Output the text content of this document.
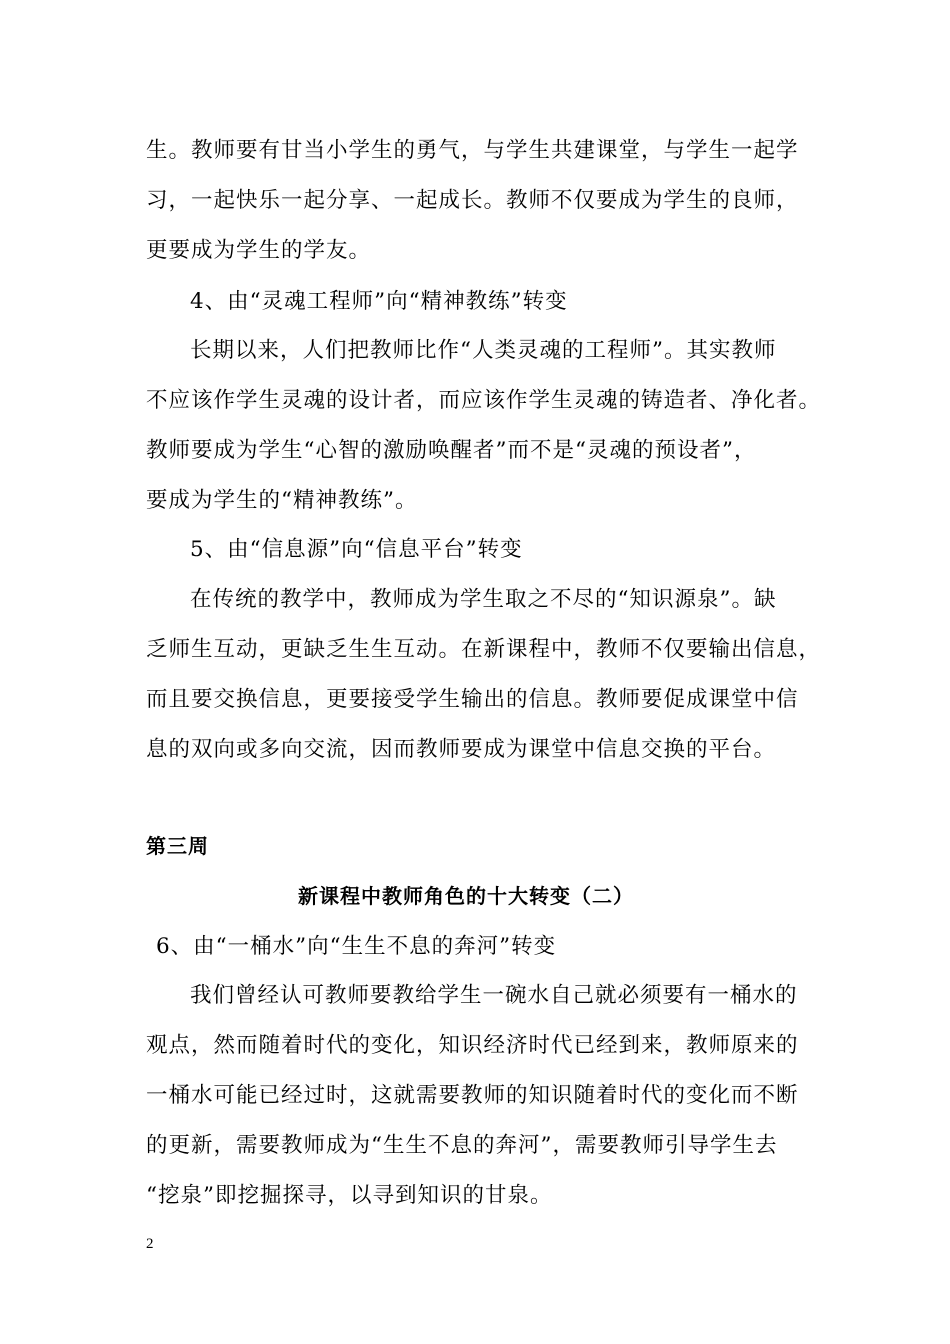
生。教师要有甘当小学生的勇气，与学生共建课堂，与学生一起学
习，一起快乐一起分享、一起成长。教师不仅要成为学生的良师，
更要成为学生的学友。
4、由“灵魂工程师”向“精神教练”转变
长期以来，人们把教师比作“人类灵魂的工程师”。其实教师
不应该作学生灵魂的设计者，而应该作学生灵魂的铸造者、净化者。
教师要成为学生“心智的激励唤醒者”而不是“灵魂的预设者”，
要成为学生的“精神教练”。
5、由“信息源”向“信息平台”转变
在传统的教学中，教师成为学生取之不尽的“知识源泉”。缺
乏师生互动，更缺乏生生互动。在新课程中，教师不仅要输出信息，
而且要交换信息，更要接受学生输出的信息。教师要促成课堂中信
息的双向或多向交流，因而教师要成为课堂中信息交换的平台。
第三周
新课程中教师角色的十大转变（二）
6、由“一桶水”向“生生不息的奔河”转变
我们曾经认可教师要教给学生一碗水自己就必须要有一桶水的
观点，然而随着时代的变化，知识经济时代已经到来，教师原来的
一桶水可能已经过时，这就需要教师的知识随着时代的变化而不断
的更新，需要教师成为“生生不息的奔河”，需要教师引导学生去
“挖泉”即挖掘探寻，以寻到知识的甘泉。
2
